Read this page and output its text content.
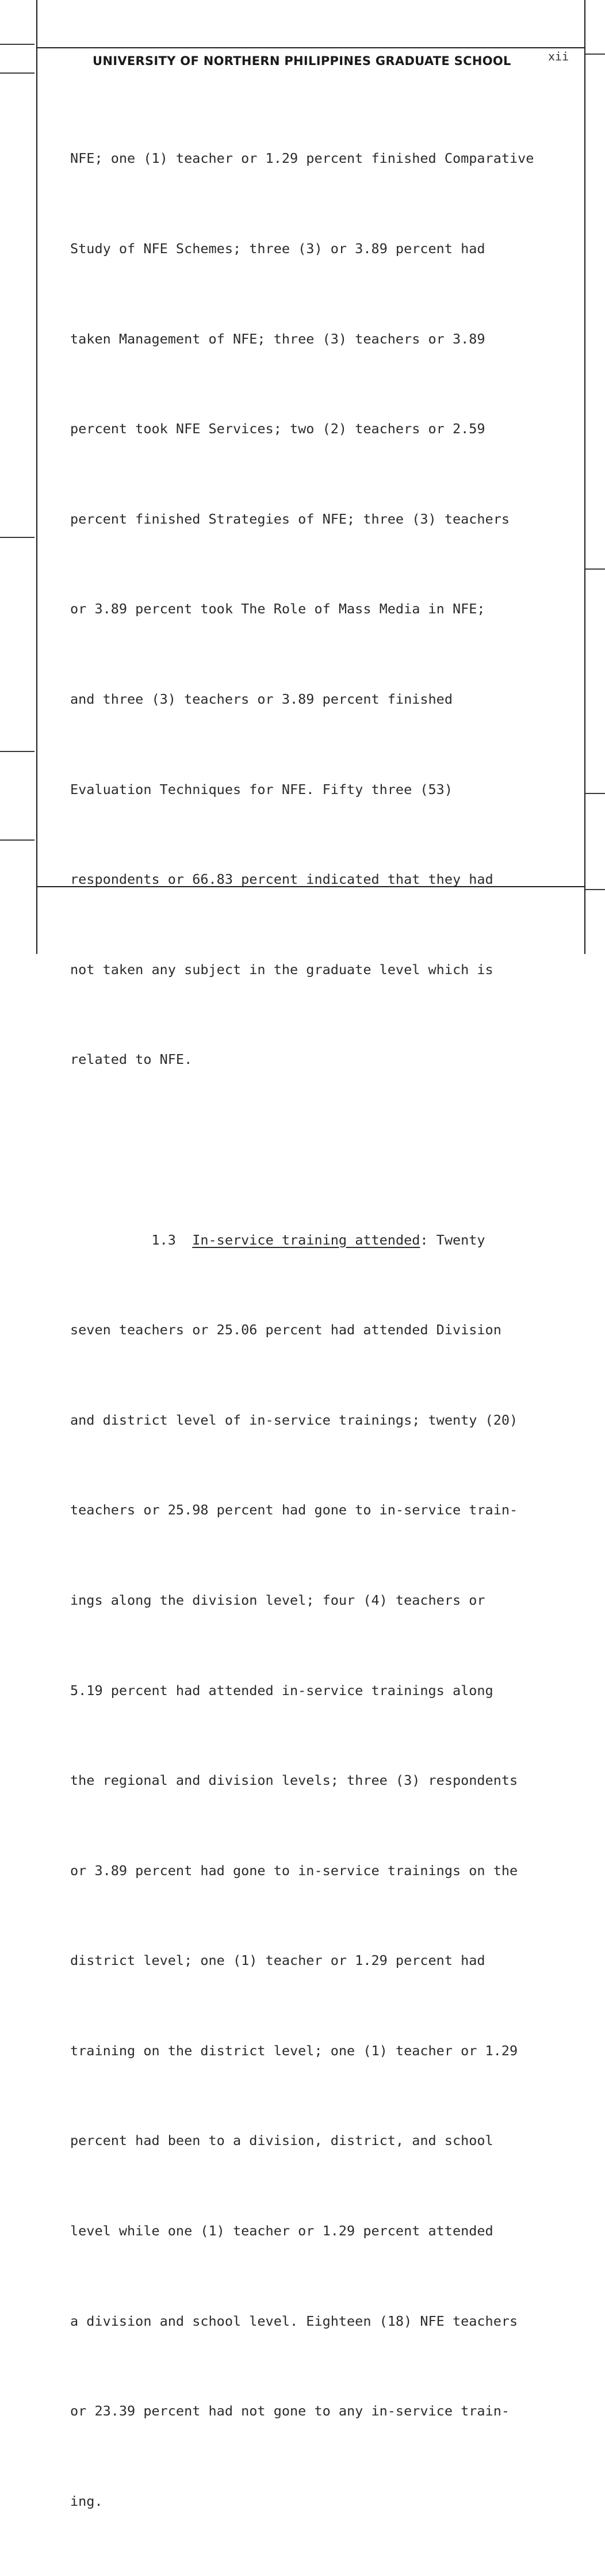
UNIVERSITY OF NORTHERN PHILIPPINES GRADUATE SCHOOL	xii

NFE; one (1) teacher or 1.29 percent finished Comparative

Study of NFE Schemes; three (3) or 3.89 percent had

taken Management of NFE; three (3) teachers or 3.89

percent took NFE Services; two (2) teachers or 2.59

percent finished Strategies of NFE; three (3) teachers

or 3.89 percent took The Role of Mass Media in NFE;

and three (3) teachers or 3.89 percent finished

Evaluation Techniques for NFE. Fifty three (53)

respondents or 66.83 percent indicated that they had

not taken any subject in the graduate level which is

related to NFE.

1.3 In-service training attended: Twenty

seven teachers or 25.06 percent had attended Division

and district level of in-service trainings; twenty (20)

teachers or 25.98 percent had gone to in-service train-

ings along the division level; four (4) teachers or

5.19 percent had attended in-service trainings along

the regional and division levels; three (3) respondents

or 3.89 percent had gone to in-service trainings on the

district level; one (1) teacher or 1.29 percent had

training on the district level; one (1) teacher or 1.29

percent had been to a division, district, and school

level while one (1) teacher or 1.29 percent attended

a division and school level. Eighteen (18) NFE teachers

or 23.39 percent had not gone to any in-service train-

ing.
